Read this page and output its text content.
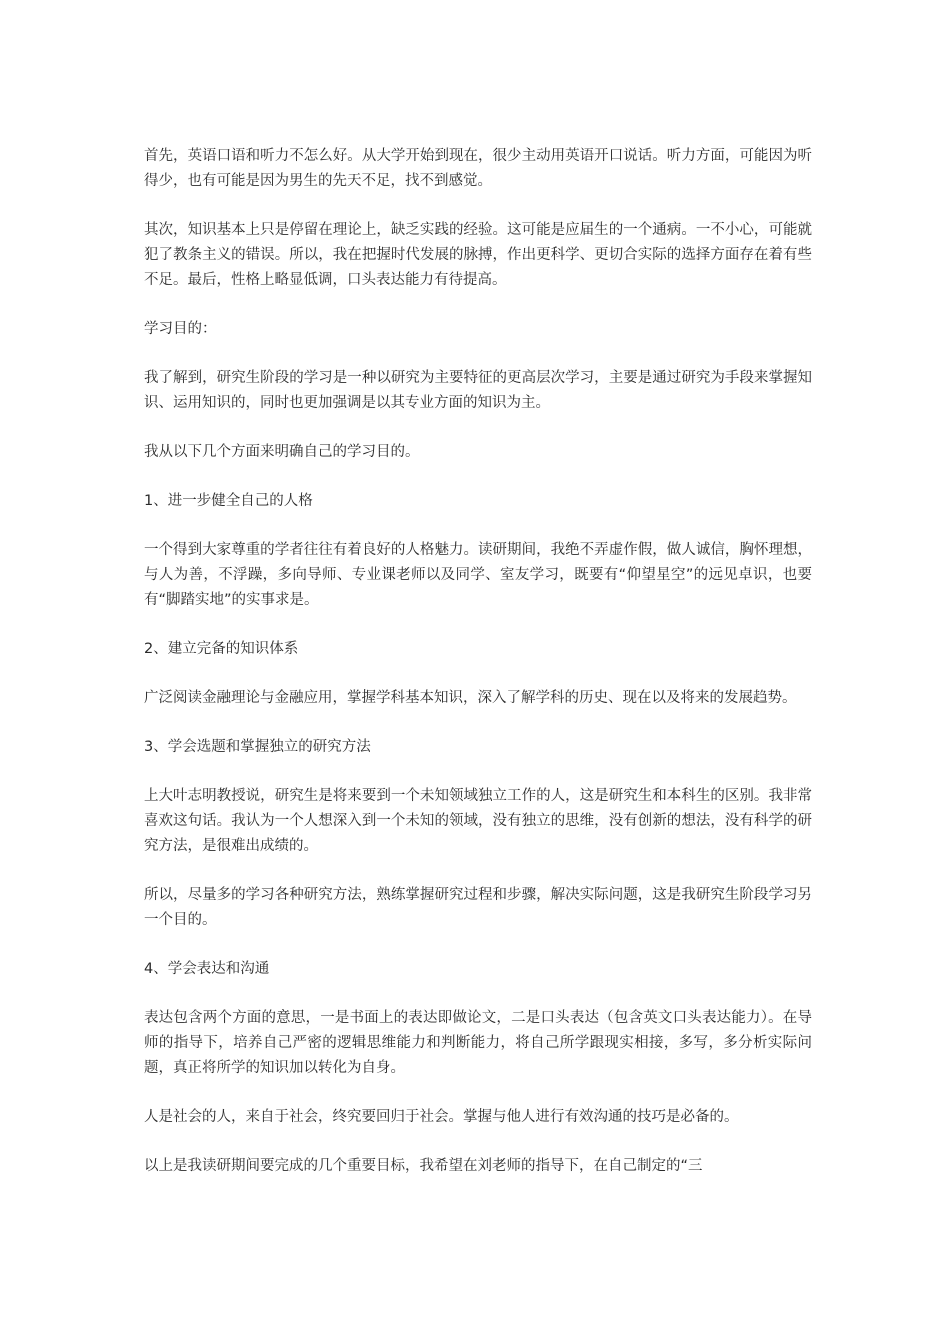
首先，英语口语和听力不怎么好。从大学开始到现在，很少主动用英语开口说话。听力方面，可能因为听得少，也有可能是因为男生的先天不足，找不到感觉。

其次，知识基本上只是停留在理论上，缺乏实践的经验。这可能是应届生的一个通病。一不小心，可能就犯了教条主义的错误。所以，我在把握时代发展的脉搏，作出更科学、更切合实际的选择方面存在着有些不足。最后，性格上略显低调，口头表达能力有待提高。

学习目的：

我了解到，研究生阶段的学习是一种以研究为主要特征的更高层次学习，主要是通过研究为手段来掌握知识、运用知识的，同时也更加强调是以其专业方面的知识为主。

我从以下几个方面来明确自己的学习目的。

1、进一步健全自己的人格

一个得到大家尊重的学者往往有着良好的人格魅力。读研期间，我绝不弄虚作假，做人诚信，胸怀理想，与人为善，不浮躁，多向导师、专业课老师以及同学、室友学习，既要有“仰望星空”的远见卓识，也要有“脚踏实地”的实事求是。

2、建立完备的知识体系

广泛阅读金融理论与金融应用，掌握学科基本知识，深入了解学科的历史、现在以及将来的发展趋势。

3、学会选题和掌握独立的研究方法

上大叶志明教授说，研究生是将来要到一个未知领域独立工作的人，这是研究生和本科生的区别。我非常喜欢这句话。我认为一个人想深入到一个未知的领域，没有独立的思维，没有创新的想法，没有科学的研究方法，是很难出成绩的。

所以，尽量多的学习各种研究方法，熟练掌握研究过程和步骤，解决实际问题，这是我研究生阶段学习另一个目的。

4、学会表达和沟通

表达包含两个方面的意思，一是书面上的表达即做论文，二是口头表达（包含英文口头表达能力）。在导师的指导下，培养自己严密的逻辑思维能力和判断能力，将自己所学跟现实相接，多写，多分析实际问题，真正将所学的知识加以转化为自身。

人是社会的人，来自于社会，终究要回归于社会。掌握与他人进行有效沟通的技巧是必备的。

以上是我读研期间要完成的几个重要目标，我希望在刘老师的指导下，在自己制定的“三
